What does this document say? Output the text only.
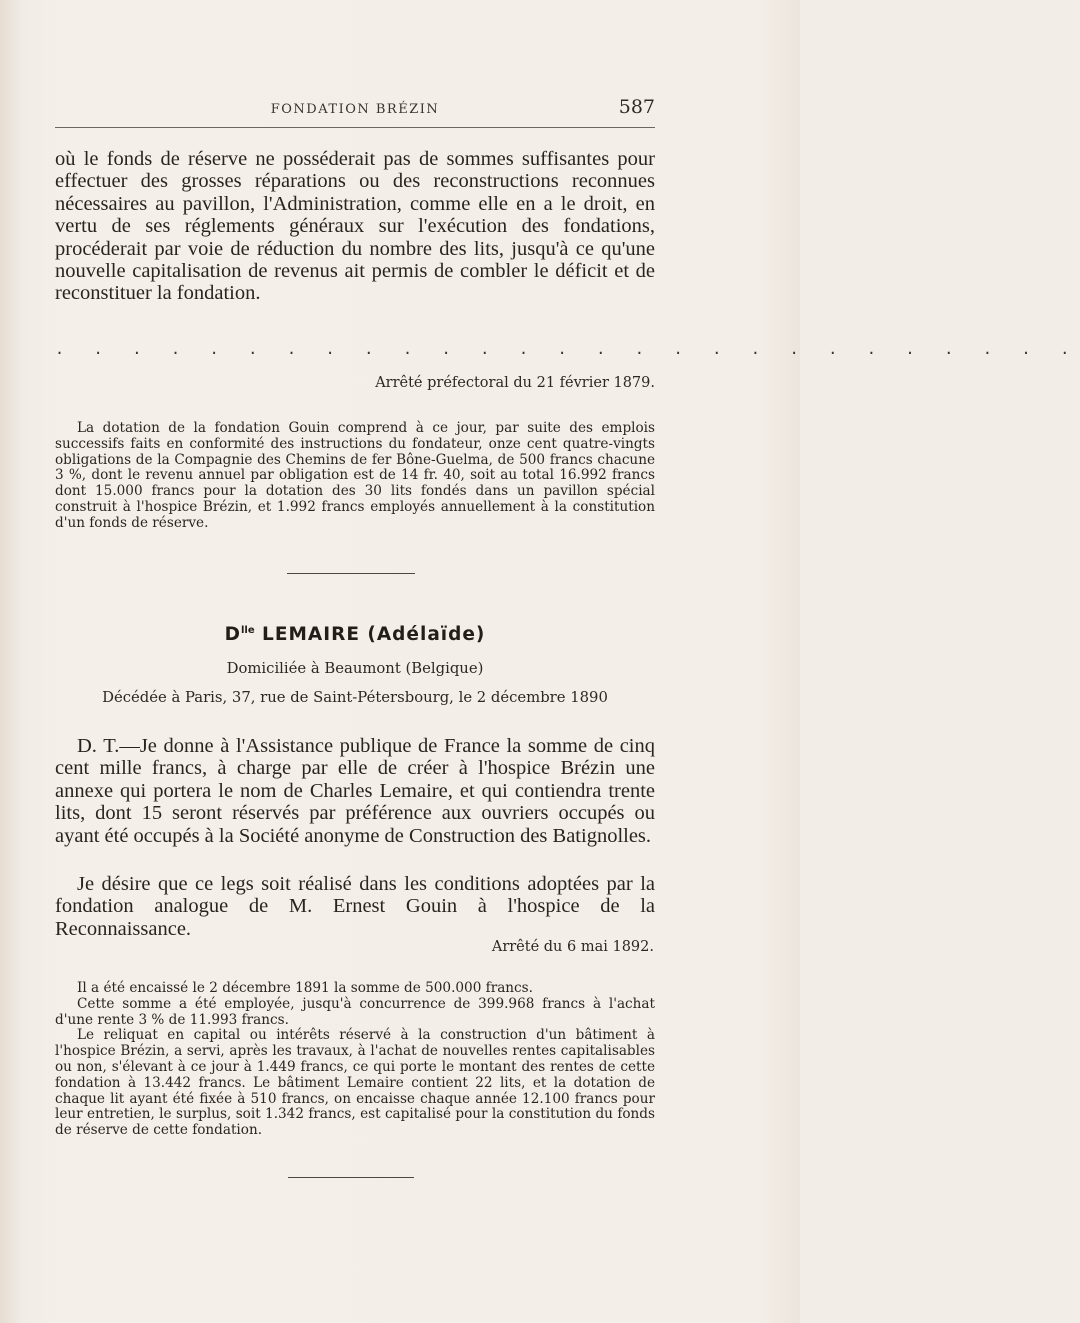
FONDATION BRÉZIN	587
où le fonds de réserve ne posséderait pas de sommes suffisantes pour effectuer des grosses réparations ou des reconstructions reconnues nécessaires au pavillon, l'Administration, comme elle en a le droit, en vertu de ses réglements généraux sur l'exécution des fondations, procéderait par voie de réduction du nombre des lits, jusqu'à ce qu'une nouvelle capitalisation de revenus ait permis de combler le déficit et de reconstituer la fondation.
. . . . . . . . . . . . . . . . . . . . . . . . . . .
Arrêté préfectoral du 21 février 1879.
La dotation de la fondation Gouin comprend à ce jour, par suite des emplois successifs faits en conformité des instructions du fondateur, onze cent quatre-vingts obligations de la Compagnie des Chemins de fer Bône-Guelma, de 500 francs chacune 3 %, dont le revenu annuel par obligation est de 14 fr. 40, soit au total 16.992 francs dont 15.000 francs pour la dotation des 30 lits fondés dans un pavillon spécial construit à l'hospice Brézin, et 1.992 francs employés annuellement à la constitution d'un fonds de réserve.
$D^{lle}$ LEMAIRE (Adélaïde)
Domiciliée à Beaumont (Belgique)
Décédée à Paris, 37, rue de Saint-Pétersbourg, le 2 décembre 1890
D. T.—Je donne à l'Assistance publique de France la somme de cinq cent mille francs, à charge par elle de créer à l'hospice Brézin une annexe qui portera le nom de Charles Lemaire, et qui contiendra trente lits, dont 15 seront réservés par préférence aux ouvriers occupés ou ayant été occupés à la Société anonyme de Construction des Batignolles.
Je désire que ce legs soit réalisé dans les conditions adoptées par la fondation analogue de M. Ernest Gouin à l'hospice de la Reconnaissance.
Arrêté du 6 mai 1892.
Il a été encaissé le 2 décembre 1891 la somme de 500.000 francs.
Cette somme a été employée, jusqu'à concurrence de 399.968 francs à l'achat d'une rente 3 % de 11.993 francs.
Le reliquat en capital ou intérêts réservé à la construction d'un bâtiment à l'hospice Brézin, a servi, après les travaux, à l'achat de nouvelles rentes capitalisables ou non, s'élevant à ce jour à 1.449 francs, ce qui porte le montant des rentes de cette fondation à 13.442 francs. Le bâtiment Lemaire contient 22 lits, et la dotation de chaque lit ayant été fixée à 510 francs, on encaisse chaque année 12.100 francs pour leur entretien, le surplus, soit 1.342 francs, est capitalisé pour la constitution du fonds de réserve de cette fondation.
